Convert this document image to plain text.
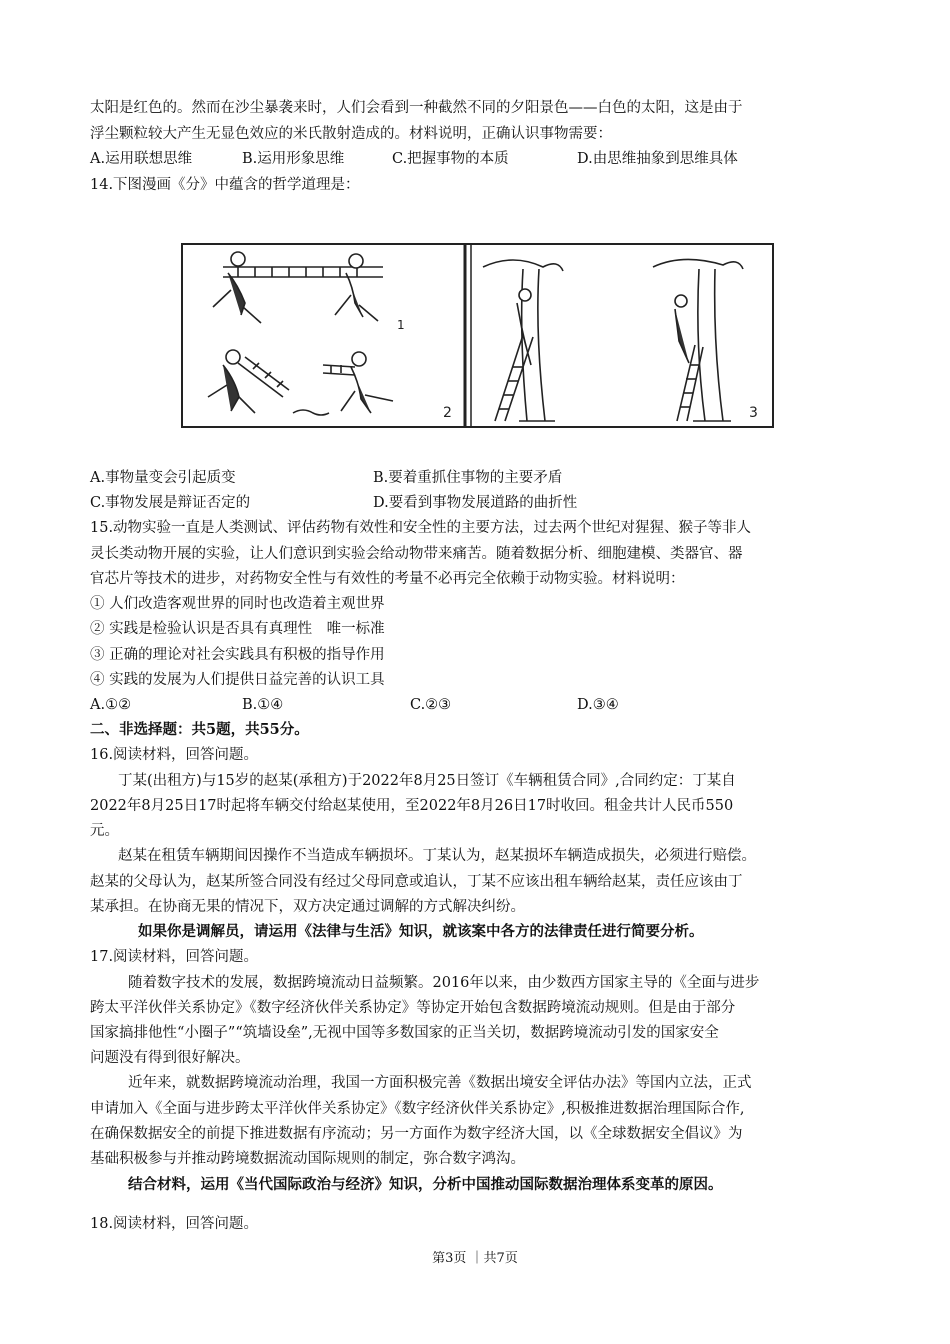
太阳是红色的。然而在沙尘暴袭来时，人们会看到一种截然不同的夕阳景色——白色的太阳，这是由于
浮尘颗粒较大产生无显色效应的米氏散射造成的。材料说明，正确认识事物需要：
A.运用联想思维	B.运用形象思维	C.把握事物的本质	D.由思维抽象到思维具体
14.下图漫画《分》中蕴含的哲学道理是：
1
2	3
A.事物量变会引起质变	B.要着重抓住事物的主要矛盾
C.事物发展是辩证否定的	D.要看到事物发展道路的曲折性
15.动物实验一直是人类测试、评估药物有效性和安全性的主要方法，过去两个世纪对猩猩、猴子等非人
灵长类动物开展的实验，让人们意识到实验会给动物带来痛苦。随着数据分析、细胞建模、类器官、器
官芯片等技术的进步，对药物安全性与有效性的考量不必再完全依赖于动物实验。材料说明：
① 人们改造客观世界的同时也改造着主观世界
② 实践是检验认识是否具有真理性　唯一标准
③ 正确的理论对社会实践具有积极的指导作用
④ 实践的发展为人们提供日益完善的认识工具
A.①②	B.①④	C.②③	D.③④
二、非选择题：共5题，共55分。
16.阅读材料，回答问题。
丁某(出租方)与15岁的赵某(承租方)于2022年8月25日签订《车辆租赁合同》,合同约定：丁某自
2022年8月25日17时起将车辆交付给赵某使用，至2022年8月26日17时收回。租金共计人民币550
元。
赵某在租赁车辆期间因操作不当造成车辆损坏。丁某认为，赵某损坏车辆造成损失，必须进行赔偿。
赵某的父母认为，赵某所签合同没有经过父母同意或追认，丁某不应该出租车辆给赵某，责任应该由丁
某承担。在协商无果的情况下，双方决定通过调解的方式解决纠纷。
如果你是调解员，请运用《法律与生活》知识，就该案中各方的法律责任进行简要分析。
17.阅读材料，回答问题。
随着数字技术的发展，数据跨境流动日益频繁。2016年以来，由少数西方国家主导的《全面与进步
跨太平洋伙伴关系协定》《数字经济伙伴关系协定》等协定开始包含数据跨境流动规则。但是由于部分
国家搞排他性“小圈子”“筑墙设垒”,无视中国等多数国家的正当关切，数据跨境流动引发的国家安全
问题没有得到很好解决。
近年来，就数据跨境流动治理，我国一方面积极完善《数据出境安全评估办法》等国内立法，正式
申请加入《全面与进步跨太平洋伙伴关系协定》《数字经济伙伴关系协定》,积极推进数据治理国际合作,
在确保数据安全的前提下推进数据有序流动；另一方面作为数字经济大国，以《全球数据安全倡议》为
基础积极参与并推动跨境数据流动国际规则的制定，弥合数字鸿沟。
结合材料，运用《当代国际政治与经济》知识，分析中国推动国际数据治理体系变革的原因。
18.阅读材料，回答问题。
第3页 ｜共7页
